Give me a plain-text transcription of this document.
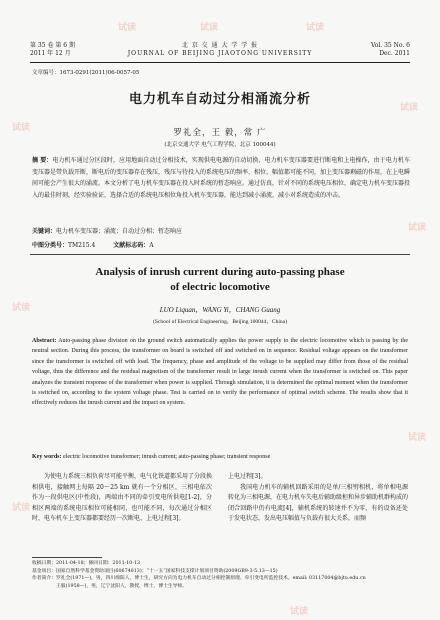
第 35 卷 第 6 期
2011 年 12 月
北 京 交 通 大 学 学 报
JOURNAL OF BEIJING JIAOTONG UNIVERSITY
Vol. 35 No. 6
Dec. 2011
文章编号：1673-0291(2011)06-0057-05
电力机车自动过分相涌流分析
罗礼全，王 毅，常 广
(北京交通大学 电气工程学院，北京 100044)
摘 要：电力机车通过分区段时，应用地面自动过分相技术，实现供电电源的自动切换，电力机车变压器要进行断电和上电操作，由于电力机车变压器是带负载开断，断电后的变压器存在残压，残压与待投入的系统电压的频率、相位、幅值都可能不同，加上变压器剩磁的作用，在上电瞬间可能会产生很大的涌流。本文分析了电力机车变压器在投入时系统的暂态响应。通过仿真，针对不同的系统电压相位，确定电力机车变压器投入的最佳时刻，经实验验证，选择合适的系统电压相位角投入机车变压器，能达到减小涌流，减小对系统造成的冲击。
关键词：电力机车变压器；涌流；自动过分相；暂态响应
中图分类号：TM215.4	文献标志码：A
Analysis of inrush current during auto-passing phase
of electric locomotive
LUO Liquan，WANG Yi，CHANG Guang
(School of Electrical Engineering，Beijing 100044，China)
Abstract: Auto-passing phase division on the ground switch automatically applies the power supply to the electric locomotive which is passing by the neutral section. During this process, the transformer on board is switched off and switched on in sequence. Residual voltage appears on the transformer since the transformer is switched off with load. The frequency, phase and amplitude of the voltage to be supplied may differ from those of the residual voltage, thus the difference and the residual magnetism of the transformer result in large inrush current when the transformer is switched on. This paper analyzes the transient response of the transformer when power is supplied. Through simulation, it is determined the optimal moment when the transformer is switched on, according to the system voltage phase. Test is carried on to verify the performance of optimal switch scheme. The results show that it effectively reduces the inrush current and the impact on system.
Key words: electric locomotive transformer; inrush current; auto-passing phase; transient response

为使电力系统三相负荷尽可能平衡，电气化铁道都采用了分段换相供电，接触网上每隔 20～25 km 就有一个分相区，三相电依次作为一段供电区(中性段)，两端由不同的牵引变电所供电[1-2]，分相区两端的系统电压相位可能相同，也可能不同，每次通过分相区时，电车机车上变压器都要经历一次断电、上电过程[3]。

上电过程[3]。

我国电力机车的辅机回路采用的是单/三相劈相机，将单相电源转化为三相电源，在电力机车失电后辅助级柜和异步辅助机群构成的闭合回路中仍有电流[4]，辅机系统的转速并不为零，有的设备还处于发电状态，发出电压幅值与负载有很大关系，而频

收稿日期：2011-04-18；修回日期：2011-10-13
基金项目：国家自然科学基金资助项目(60674013)；“十一五”国家科技支撑计划项目资助(2009GB9-3-5.13—15)
作者简介：罗礼全(1971—)，男，四川绵阳人，博士生，研究方向为电力机车自动过分相控制原理、牵引变电所监控技术。email: 03117004@bjtu.edu.cn
王毅(1958—)，男，辽宁沈阳人，教授，博士，博士生导师。
试读
试读	试读	试读
试读
试读
试读
试读
试读
试读
